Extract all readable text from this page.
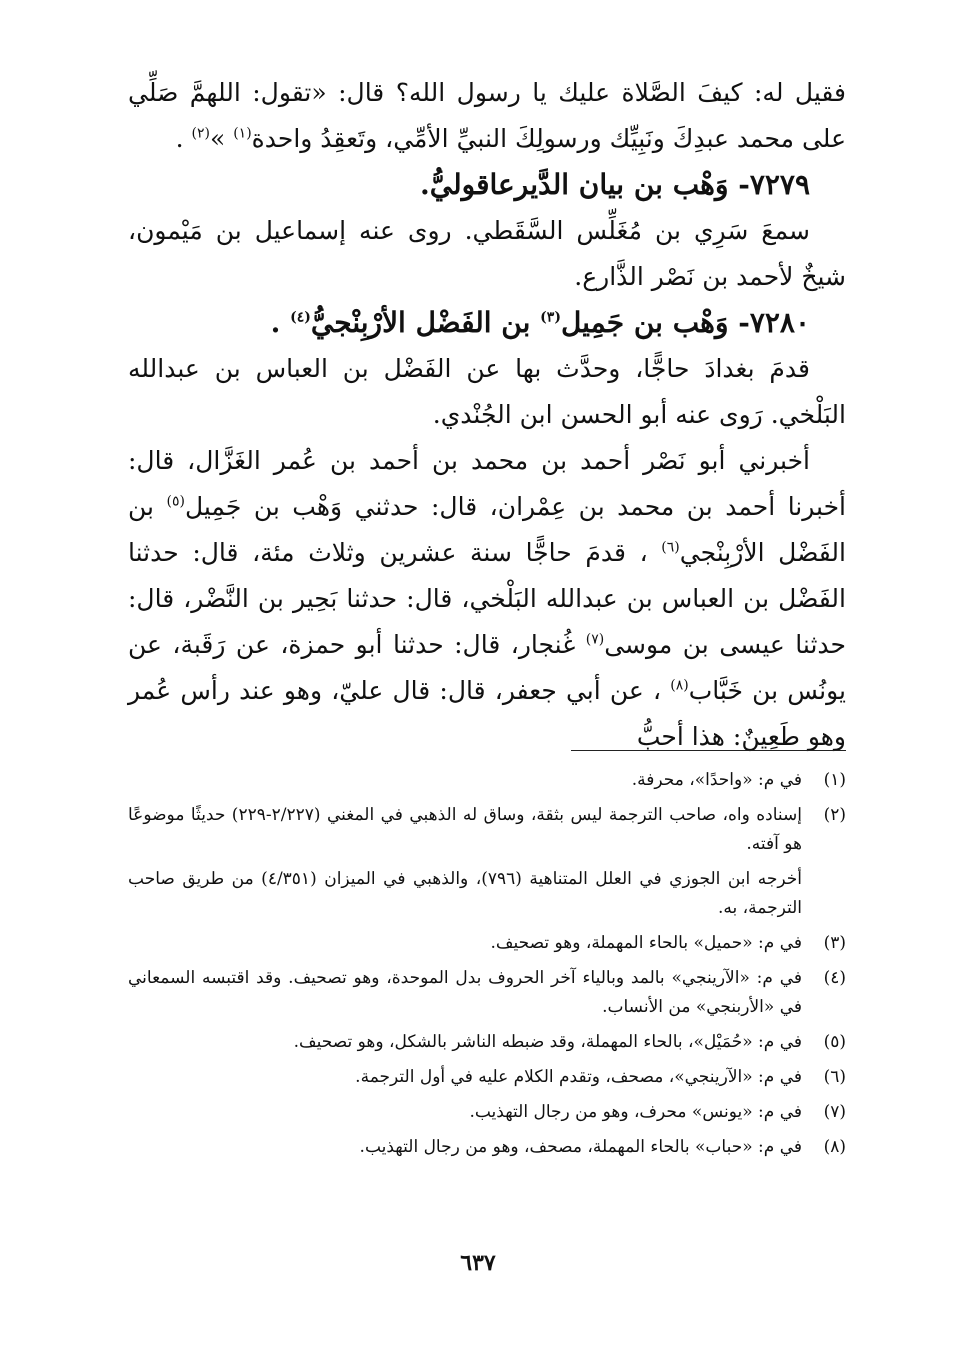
فقيل له: كيفَ الصَّلاة عليك يا رسول الله؟ قال: «تقول: اللهمَّ صَلِّي على محمد عبدِكَ ونَبِيِّك ورسولِكَ النبيِّ الأمِّي، وتَعقِدُ واحدة$^{(١)}$ »$^{(٢)}$ .

٧٢٧٩- وَهْب بن بيان الدَّيرعاقوليُّ.

سمعَ سَرِي بن مُغَلِّس السَّقَطي. روى عنه إسماعيل بن مَيْمون، شيخٌ لأحمد بن نَصْر الذَّارع.

٧٢٨٠- وَهْب بن جَمِيل$^{(٣)}$ بن الفَضْل الأرْبِنْجيُّ$^{(٤)}$ .

قدمَ بغدادَ حاجًّا، وحدَّث بها عن الفَضْل بن العباس بن عبدالله البَلْخي. رَوى عنه أبو الحسن ابن الجُنْدي.

أخبرني أبو نَصْر أحمد بن محمد بن أحمد بن عُمر الغَزَّال، قال: أخبرنا أحمد بن محمد بن عِمْران، قال: حدثني وَهْب بن جَمِيل$^{(٥)}$ بن الفَضْل الأرْبِنْجي$^{(٦)}$ ، قدمَ حاجًّا سنة عشرين وثلاث مئة، قال: حدثنا الفَضْل بن العباس بن عبدالله البَلْخي، قال: حدثنا بَحِير بن النَّضْر، قال: حدثنا عيسى بن موسى$^{(٧)}$ غُنجار، قال: حدثنا أبو حمزة، عن رَقَبة، عن يونُس بن خَبَّاب$^{(٨)}$ ، عن أبي جعفر، قال: قال عليّ، وهو عند رأس عُمر وهو طَعِينٌ: هذا أحبُّ

(١)
في م: «واحدًا»، محرفة.
(٢)
إسناده واه، صاحب الترجمة ليس بثقة، وساق له الذهبي في المغني (٢/٢٢٧-٢٢٩) حديثًا موضوعًا هو آفته.
أخرجه ابن الجوزي في العلل المتناهية (٧٩٦)، والذهبي في الميزان (٤/٣٥١) من طريق صاحب الترجمة، به.
(٣)
في م: «حميل» بالحاء المهملة، وهو تصحيف.
(٤)
في م: «الآرينجي» بالمد وبالياء آخر الحروف بدل الموحدة، وهو تصحيف. وقد اقتبسه السمعاني في «الأربنجي» من الأنساب.
(٥)
في م: «حُمَيْل»، بالحاء المهملة، وقد ضبطه الناشر بالشكل، وهو تصحيف.
(٦)
في م: «الآرينجي»، مصحف، وتقدم الكلام عليه في أول الترجمة.
(٧)
في م: «يونس» محرف، وهو من رجال التهذيب.
(٨)
في م: «حباب» بالحاء المهملة، مصحف، وهو من رجال التهذيب.
٦٣٧
